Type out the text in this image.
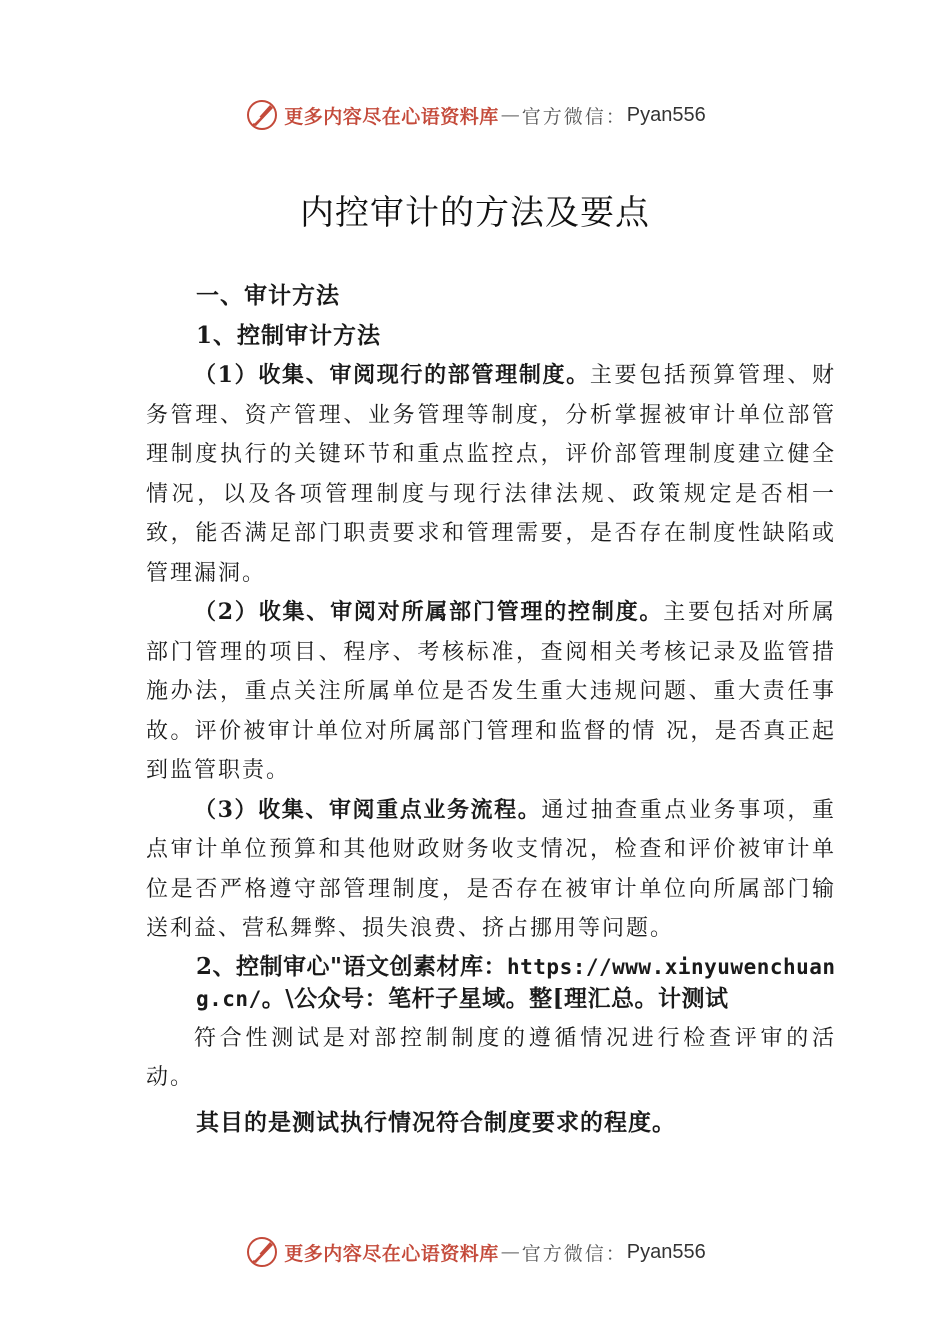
更多内容尽在心语资料库 — 官方微信： Pyan556
内控审计的方法及要点
一、审计方法
1、控制审计方法
（1）收集、审阅现行的部管理制度。主要包括预算管理、财务管理、资产管理、业务管理等制度，分析掌握被审计单位部管理制度执行的关键环节和重点监控点，评价部管理制度建立健全情况，以及各项管理制度与现行法律法规、政策规定是否相一致，能否满足部门职责要求和管理需要，是否存在制度性缺陷或管理漏洞。
（2）收集、审阅对所属部门管理的控制度。主要包括对所属部门管理的项目、程序、考核标准，查阅相关考核记录及监管措施办法，重点关注所属单位是否发生重大违规问题、重大责任事故。评价被审计单位对所属部门管理和监督的情 况，是否真正起到监管职责。
（3）收集、审阅重点业务流程。通过抽查重点业务事项，重点审计单位预算和其他财政财务收支情况，检查和评价被审计单位是否严格遵守部管理制度，是否存在被审计单位向所属部门输送利益、营私舞弊、损失浪费、挤占挪用等问题。
2、控制审心"语文创素材库：https://www.xinyuwenchuang.cn/。\公众号：笔杆子星域。整[理汇总。计测试
符合性测试是对部控制制度的遵循情况进行检查评审的活动。
其目的是测试执行情况符合制度要求的程度。
更多内容尽在心语资料库 — 官方微信： Pyan556
